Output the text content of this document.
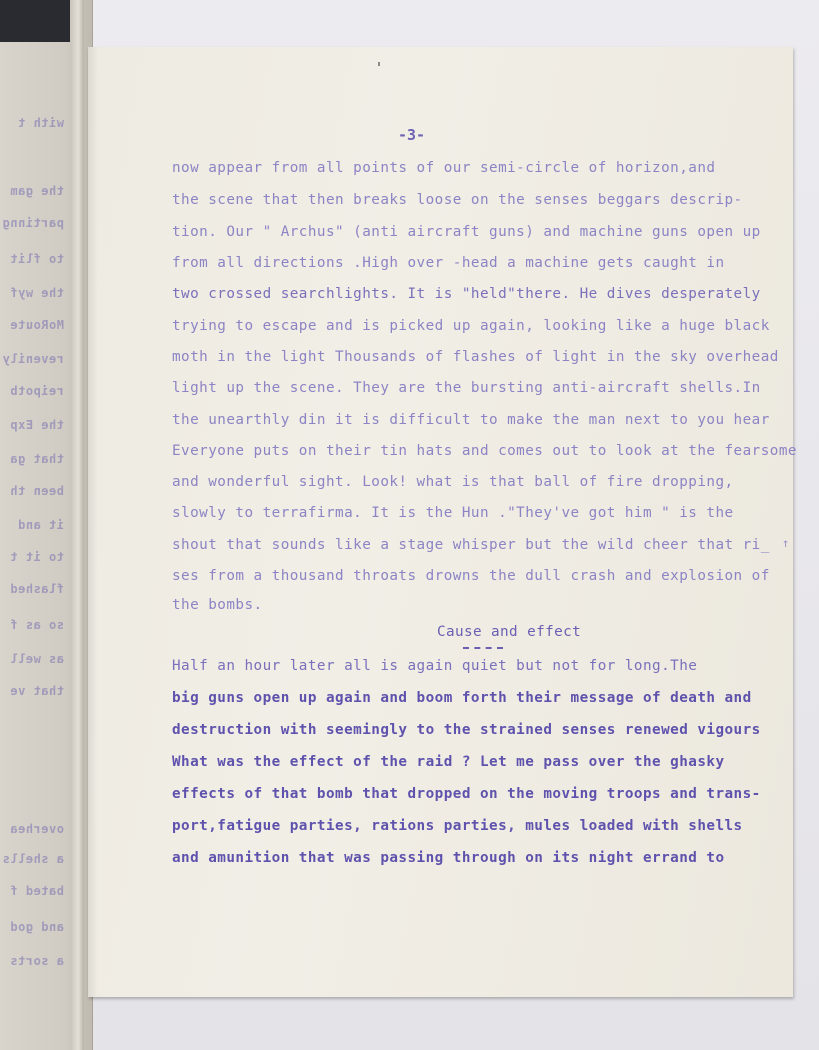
with t
the gam
partinng
to flit
the wyf
MoRoute
revenily
reipotb
the Exp
that ga
been th
it and
to it t
flashed
so as f
as well
that ve
overhea
a shells
bated f
and god
a sorts
-3-
now appear from all points of our semi-circle of horizon,and
the scene that then breaks loose on the senses beggars descrip-
tion. Our " Archus" (anti aircraft guns) and machine guns open up
from all directions .High over -head a machine gets caught in
two crossed searchlights. It is "held"there. He dives desperately
trying to escape and is picked up again, looking like a huge black
moth in the light Thousands of flashes of light in the sky overhead
light up the scene. They are the bursting anti-aircraft shells.In
the unearthly din it is difficult to make the man next to you hear
Everyone puts on their tin hats and comes out to look at the fearsome
and wonderful sight. Look! what is that ball of fire dropping,
slowly to terrafirma. It is the Hun ."They've got him " is the
shout that sounds like a stage whisper but the wild cheer that ri_
ses from a thousand throats drowns the dull crash and explosion of
the bombs.
↑
Cause and effect
Half an hour later all is again quiet but not for long.The
big guns open up again and boom forth their message of death and
destruction with seemingly to the strained senses renewed vigours
What was the effect of the raid ? Let me pass over the ghasky
effects of that bomb that dropped on the moving troops and trans-
port,fatigue parties, rations parties, mules loaded with shells
and amunition that was passing through on its night errand to
